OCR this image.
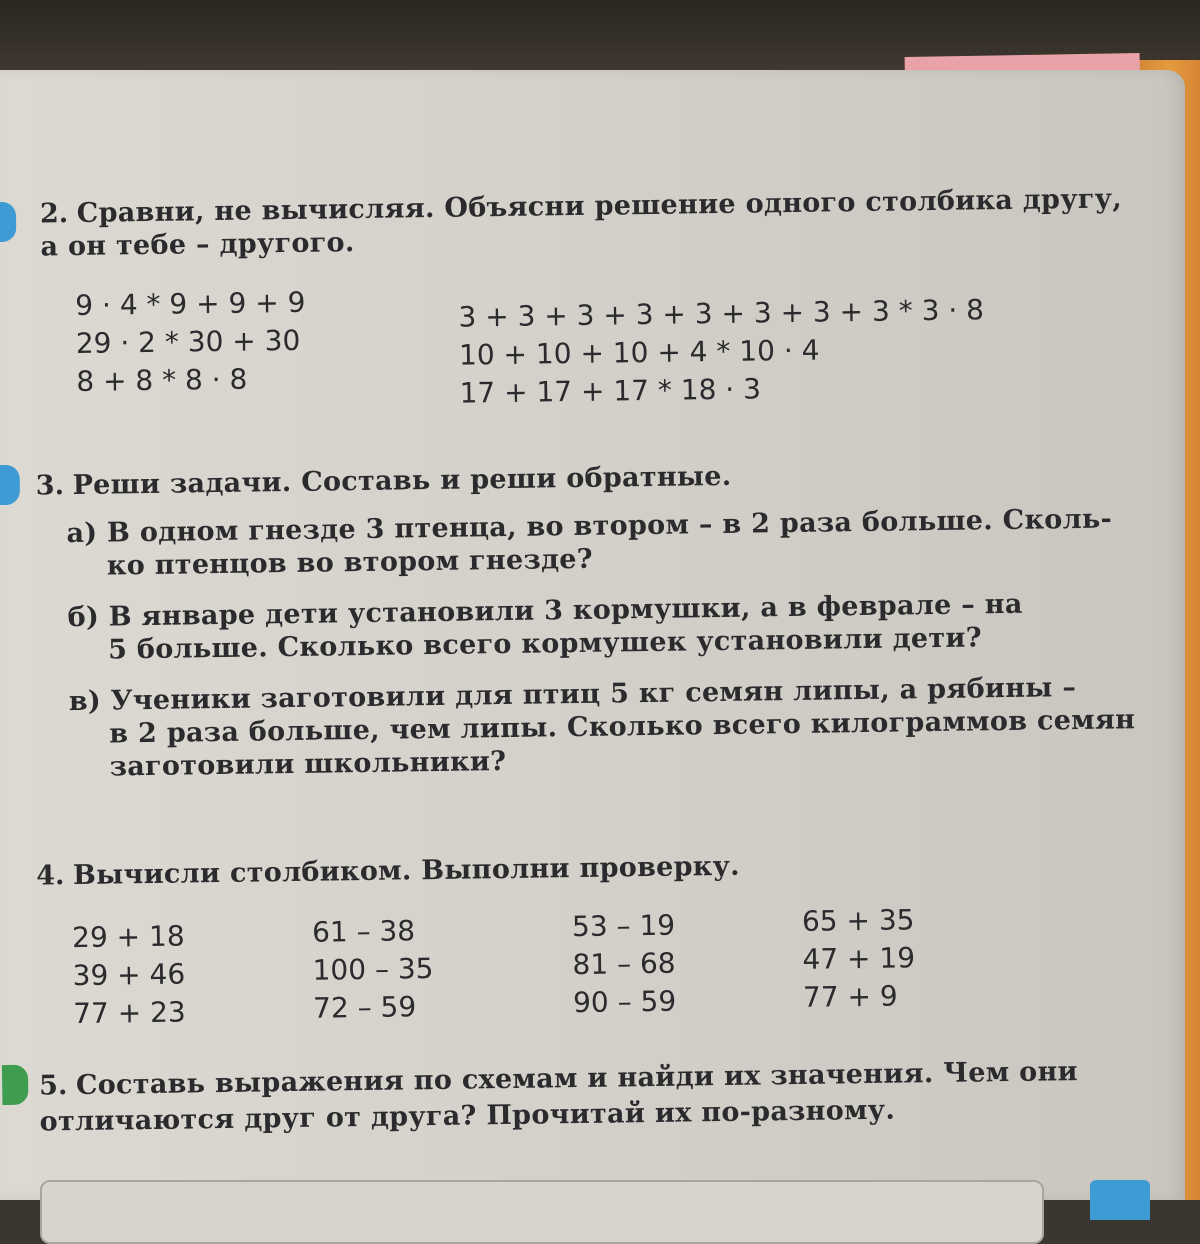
2. Сравни, не вычисляя. Объясни решение одного столбика другу,
а он тебе – другого.
9 · 4 * 9 + 9 + 9
29 · 2 * 30 + 30
8 + 8 * 8 · 8
3 + 3 + 3 + 3 + 3 + 3 + 3 + 3 * 3 · 8
10 + 10 + 10 + 4 * 10 · 4
17 + 17 + 17 * 18 · 3
3. Реши задачи. Составь и реши обратные.
а) В одном гнезде 3 птенца, во втором – в 2 раза больше. Сколь-
ко птенцов во втором гнезде?
б) В январе дети установили 3 кормушки, а в феврале – на
5 больше. Сколько всего кормушек установили дети?
в) Ученики заготовили для птиц 5 кг семян липы, а рябины –
в 2 раза больше, чем липы. Сколько всего килограммов семян
заготовили школьники?
4. Вычисли столбиком. Выполни проверку.
29 + 18
39 + 46
77 + 23
61 – 38
100 – 35
72 – 59
53 – 19
81 – 68
90 – 59
65 + 35
47 + 19
77 + 9
5. Составь выражения по схемам и найди их значения. Чем они
отличаются друг от друга? Прочитай их по-разному.
